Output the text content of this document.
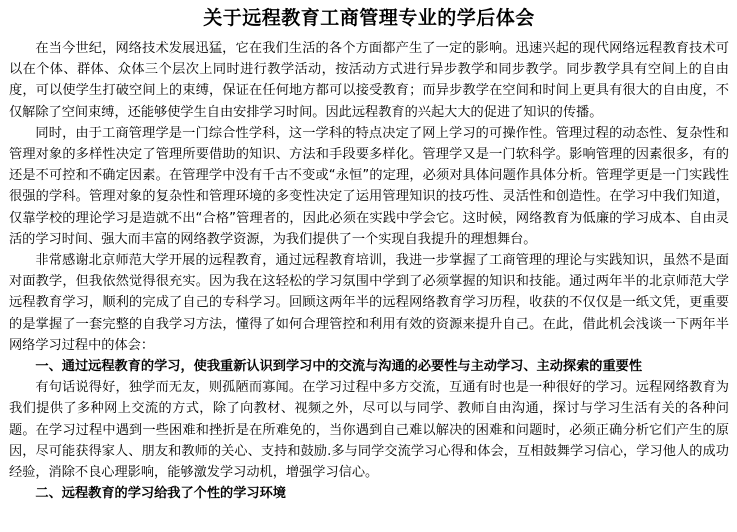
关于远程教育工商管理专业的学后体会

在当今世纪，网络技术发展迅猛，它在我们生活的各个方面都产生了一定的影响。迅速兴起的现代网络远程教育技术可以在个体、群体、众体三个层次上同时进行教学活动，按活动方式进行异步教学和同步教学。同步教学具有空间上的自由度，可以使学生打破空间上的束缚，保证在任何地方都可以接受教育；而异步教学在空间和时间上更具有很大的自由度，不仅解除了空间束缚，还能够使学生自由安排学习时间。因此远程教育的兴起大大的促进了知识的传播。

同时，由于工商管理学是一门综合性学科，这一学科的特点决定了网上学习的可操作性。管理过程的动态性、复杂性和管理对象的多样性决定了管理所要借助的知识、方法和手段要多样化。管理学又是一门软科学。影响管理的因素很多，有的还是不可控和不确定因素。在管理学中没有千古不变或“永恒”的定理，必须对具体问题作具体分析。管理学更是一门实践性很强的学科。管理对象的复杂性和管理环境的多变性决定了运用管理知识的技巧性、灵活性和创造性。在学习中我们知道，仅靠学校的理论学习是造就不出“合格”管理者的，因此必须在实践中学会它。这时候，网络教育为低廉的学习成本、自由灵活的学习时间、强大而丰富的网络教学资源，为我们提供了一个实现自我提升的理想舞台。

非常感谢北京师范大学开展的远程教育，通过远程教育培训，我进一步掌握了工商管理的理论与实践知识，虽然不是面对面教学，但我依然觉得很充实。因为我在这轻松的学习氛围中学到了必须掌握的知识和技能。通过两年半的北京师范大学远程教育学习，顺利的完成了自己的专科学习。回顾这两年半的远程网络教育学习历程，收获的不仅仅是一纸文凭，更重要的是掌握了一套完整的自我学习方法，懂得了如何合理管控和利用有效的资源来提升自己。在此，借此机会浅谈一下两年半网络学习过程中的体会：

一、通过远程教育的学习，使我重新认识到学习中的交流与沟通的必要性与主动学习、主动探索的重要性

有句话说得好，独学而无友，则孤陋而寡闻。在学习过程中多方交流，互通有时也是一种很好的学习。远程网络教育为我们提供了多种网上交流的方式，除了向教材、视频之外，尽可以与同学、教师自由沟通，探讨与学习生活有关的各种问题。在学习过程中遇到一些困难和挫折是在所难免的，当你遇到自己难以解决的困难和问题时，必须正确分析它们产生的原因，尽可能获得家人、朋友和教师的关心、支持和鼓励.多与同学交流学习心得和体会，互相鼓舞学习信心，学习他人的成功经验，消除不良心理影响，能够激发学习动机，增强学习信心。

二、远程教育的学习给我了个性的学习环境
